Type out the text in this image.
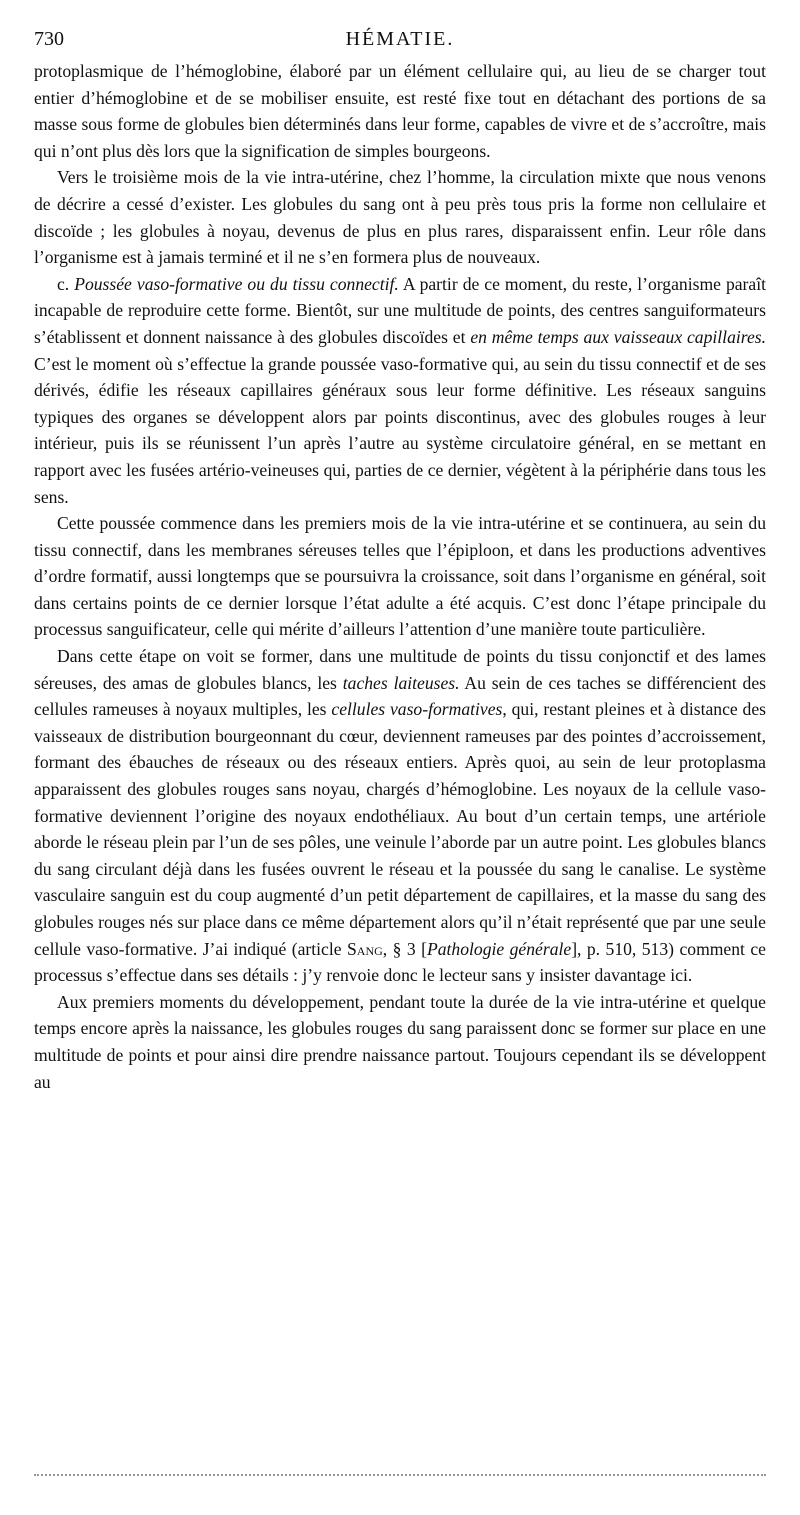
730	HÉMATIE.

protoplasmique de l’hémoglobine, élaboré par un élément cellulaire qui, au lieu de se charger tout entier d’hémoglobine et de se mobiliser ensuite, est resté fixe tout en détachant des portions de sa masse sous forme de globules bien déterminés dans leur forme, capables de vivre et de s’accroître, mais qui n’ont plus dès lors que la signification de simples bourgeons.

Vers le troisième mois de la vie intra-utérine, chez l’homme, la circulation mixte que nous venons de décrire a cessé d’exister. Les globules du sang ont à peu près tous pris la forme non cellulaire et discoïde ; les globules à noyau, devenus de plus en plus rares, disparaissent enfin. Leur rôle dans l’organisme est à jamais terminé et il ne s’en formera plus de nouveaux.

c. Poussée vaso-formative ou du tissu connectif. A partir de ce moment, du reste, l’organisme paraît incapable de reproduire cette forme. Bientôt, sur une multitude de points, des centres sanguiformateurs s’établissent et donnent naissance à des globules discoïdes et en même temps aux vaisseaux capillaires. C’est le moment où s’effectue la grande poussée vaso-formative qui, au sein du tissu connectif et de ses dérivés, édifie les réseaux capillaires généraux sous leur forme définitive. Les réseaux sanguins typiques des organes se développent alors par points discontinus, avec des globules rouges à leur intérieur, puis ils se réunissent l’un après l’autre au système circulatoire général, en se mettant en rapport avec les fusées artério-veineuses qui, parties de ce dernier, végètent à la périphérie dans tous les sens.

Cette poussée commence dans les premiers mois de la vie intra-utérine et se continuera, au sein du tissu connectif, dans les membranes séreuses telles que l’épiploon, et dans les productions adventives d’ordre formatif, aussi longtemps que se poursuivra la croissance, soit dans l’organisme en général, soit dans certains points de ce dernier lorsque l’état adulte a été acquis. C’est donc l’étape principale du processus sanguificateur, celle qui mérite d’ailleurs l’attention d’une manière toute particulière.

Dans cette étape on voit se former, dans une multitude de points du tissu conjonctif et des lames séreuses, des amas de globules blancs, les taches laiteuses. Au sein de ces taches se différencient des cellules rameuses à noyaux multiples, les cellules vaso-formatives, qui, restant pleines et à distance des vaisseaux de distribution bourgeonnant du cœur, deviennent rameuses par des pointes d’accroissement, formant des ébauches de réseaux ou des réseaux entiers. Après quoi, au sein de leur protoplasma apparaissent des globules rouges sans noyau, chargés d’hémoglobine. Les noyaux de la cellule vaso-formative deviennent l’origine des noyaux endothéliaux. Au bout d’un certain temps, une artériole aborde le réseau plein par l’un de ses pôles, une veinule l’aborde par un autre point. Les globules blancs du sang circulant déjà dans les fusées ouvrent le réseau et la poussée du sang le canalise. Le système vasculaire sanguin est du coup augmenté d’un petit département de capillaires, et la masse du sang des globules rouges nés sur place dans ce même département alors qu’il n’était représenté que par une seule cellule vaso-formative. J’ai indiqué (article Sang, § 3 [Pathologie générale], p. 510, 513) comment ce processus s’effectue dans ses détails : j’y renvoie donc le lecteur sans y insister davantage ici.

Aux premiers moments du développement, pendant toute la durée de la vie intra-utérine et quelque temps encore après la naissance, les globules rouges du sang paraissent donc se former sur place en une multitude de points et pour ainsi dire prendre naissance partout. Toujours cependant ils se développent au
